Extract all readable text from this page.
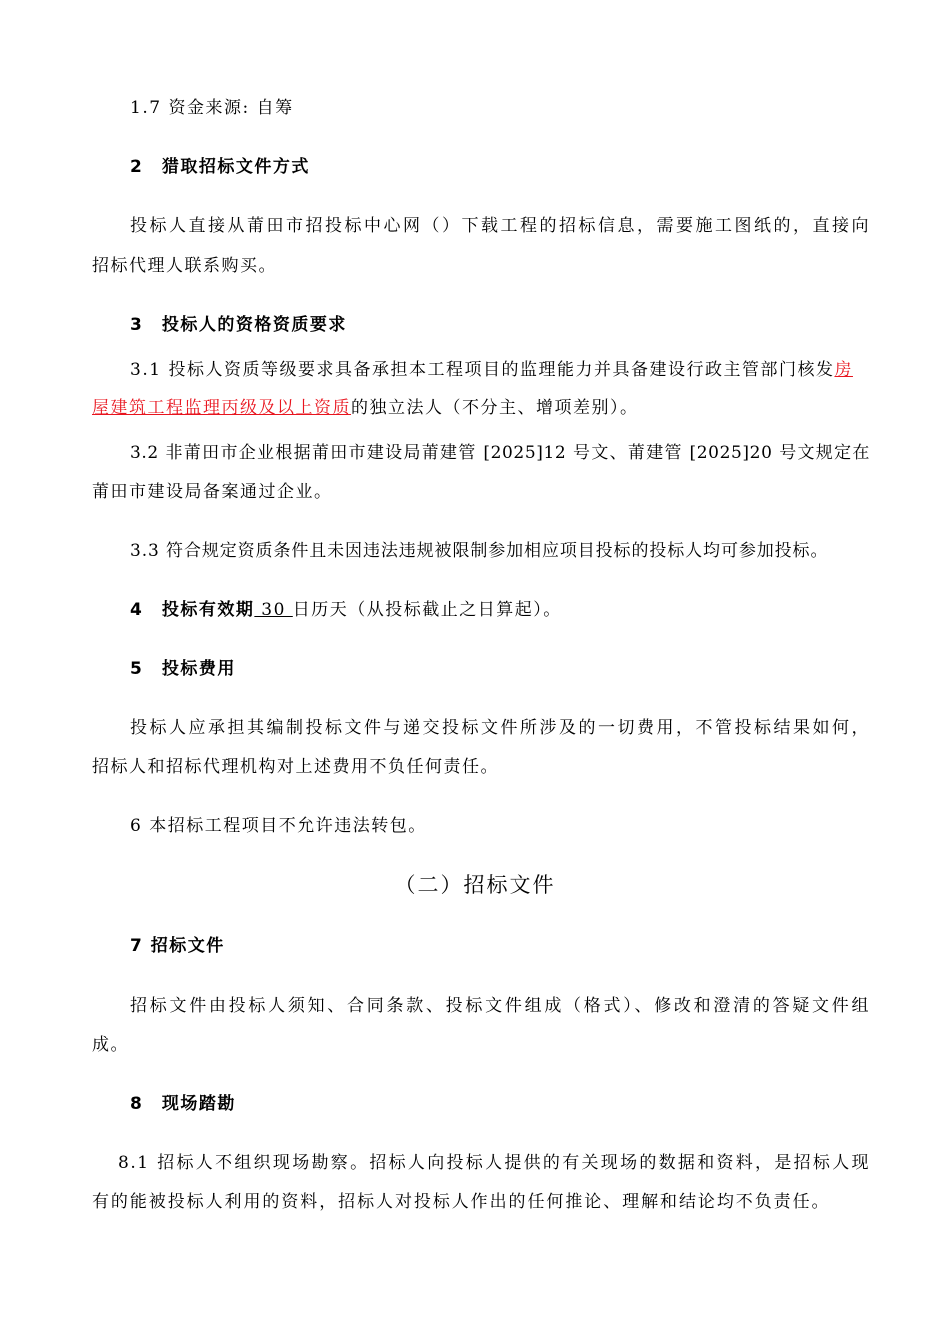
1.7 资金来源: 自筹
2　猎取招标文件方式
投标人直接从莆田市招投标中心网（）下载工程的招标信息，需要施工图纸的，直接向
招标代理人联系购买。
3　投标人的资格资质要求
3.1 投标人资质等级要求具备承担本工程项目的监理能力并具备建设行政主管部门核发房
屋建筑工程监理丙级及以上资质的独立法人（不分主、增项差别）。
3.2 非莆田市企业根据莆田市建设局莆建管 [2025]12 号文、莆建管 [2025]20 号文规定在
莆田市建设局备案通过企业。
3.3 符合规定资质条件且未因违法违规被限制参加相应项目投标的投标人均可参加投标。
4　投标有效期 30 日历天（从投标截止之日算起）。
5　投标费用
投标人应承担其编制投标文件与递交投标文件所涉及的一切费用，不管投标结果如何，
招标人和招标代理机构对上述费用不负任何责任。
6 本招标工程项目不允许违法转包。
（二）招标文件
7 招标文件
招标文件由投标人须知、合同条款、投标文件组成（格式）、修改和澄清的答疑文件组
成。
8　现场踏勘
8.1 招标人不组织现场勘察。招标人向投标人提供的有关现场的数据和资料，是招标人现
有的能被投标人利用的资料，招标人对投标人作出的任何推论、理解和结论均不负责任。
